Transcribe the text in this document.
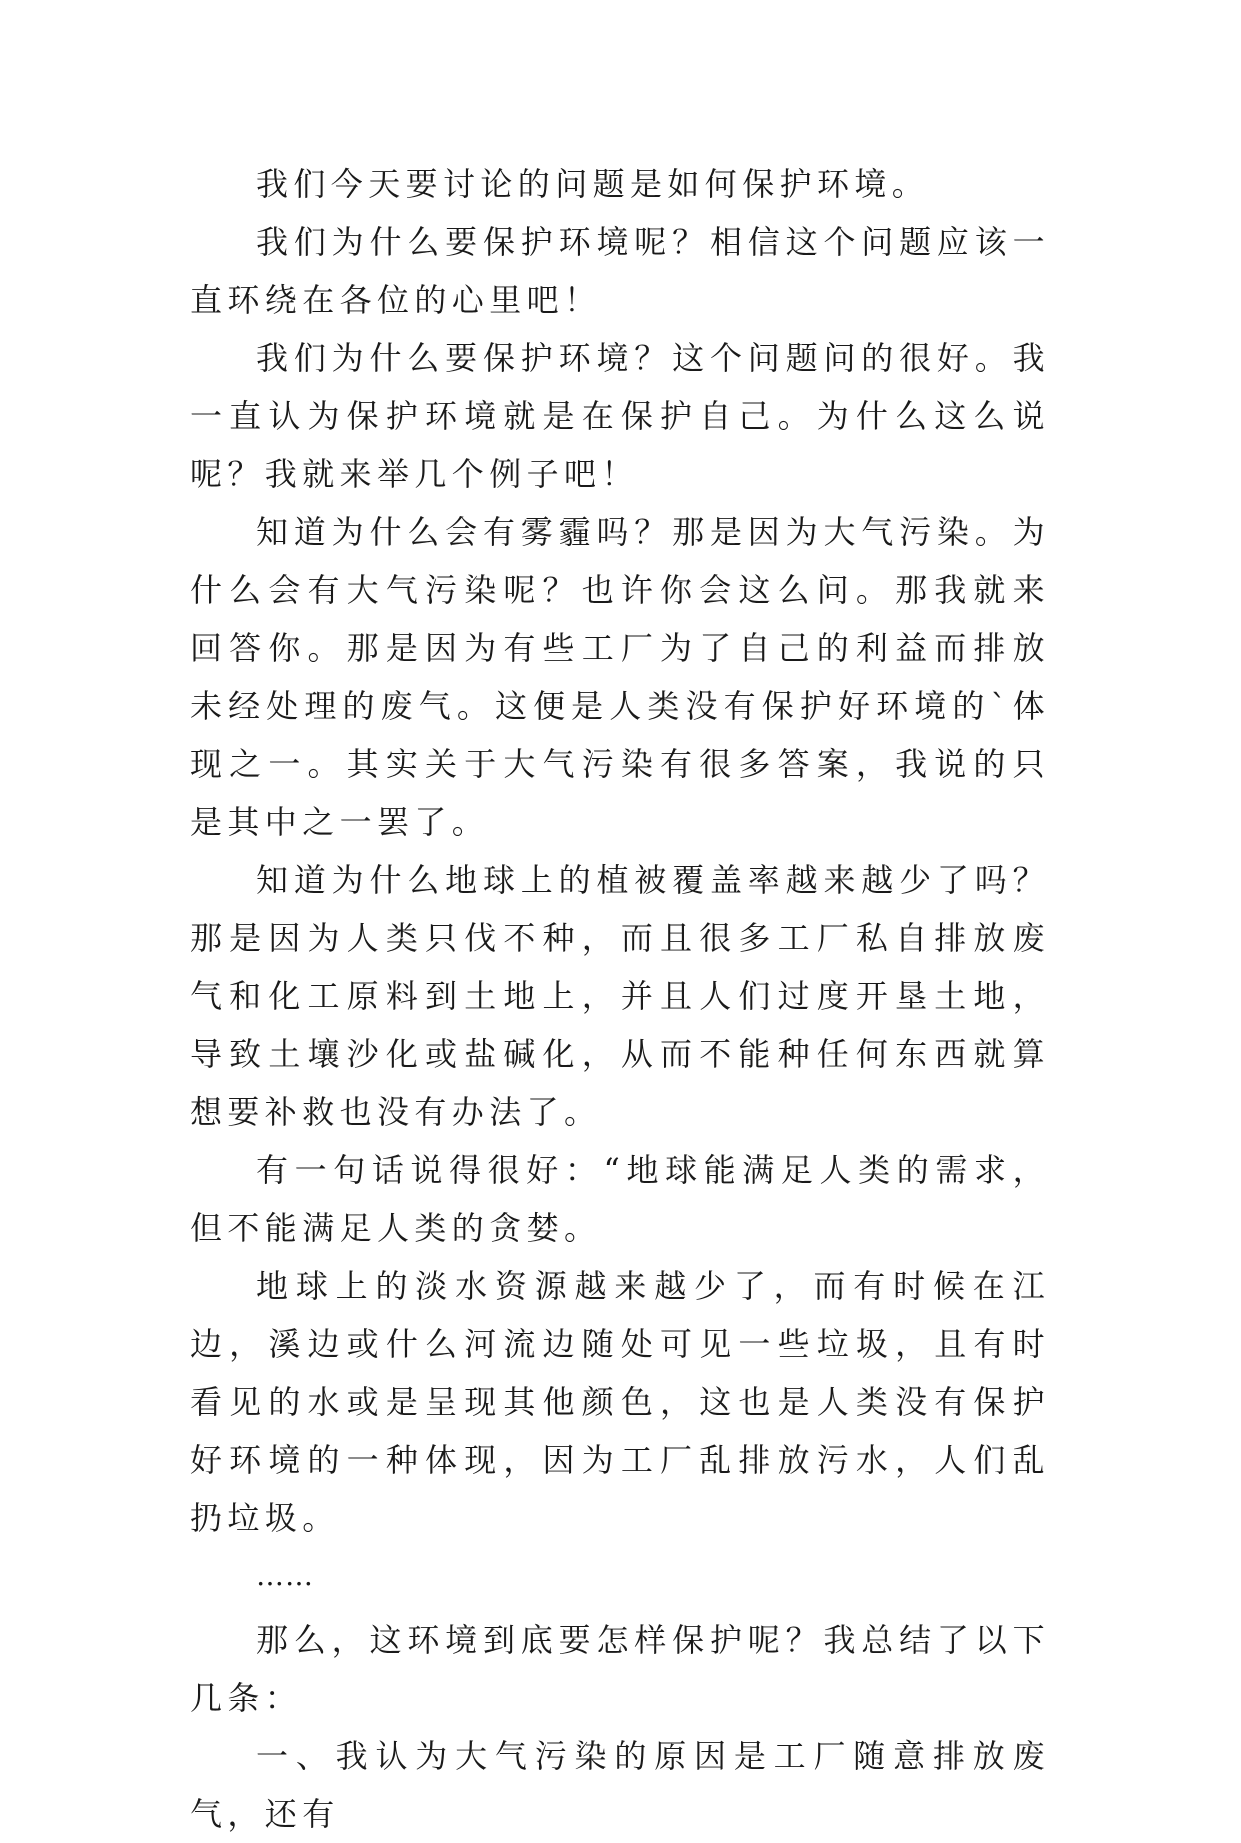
我们今天要讨论的问题是如何保护环境。

我们为什么要保护环境呢？相信这个问题应该一直环绕在各位的心里吧！

我们为什么要保护环境？这个问题问的很好。我一直认为保护环境就是在保护自己。为什么这么说呢？我就来举几个例子吧！

知道为什么会有雾霾吗？那是因为大气污染。为什么会有大气污染呢？也许你会这么问。那我就来回答你。那是因为有些工厂为了自己的利益而排放未经处理的废气。这便是人类没有保护好环境的`体现之一。其实关于大气污染有很多答案，我说的只是其中之一罢了。

知道为什么地球上的植被覆盖率越来越少了吗？那是因为人类只伐不种，而且很多工厂私自排放废气和化工原料到土地上，并且人们过度开垦土地，导致土壤沙化或盐碱化，从而不能种任何东西就算想要补救也没有办法了。

有一句话说得很好：“地球能满足人类的需求，但不能满足人类的贪婪。

地球上的淡水资源越来越少了，而有时候在江边，溪边或什么河流边随处可见一些垃圾，且有时看见的水或是呈现其他颜色，这也是人类没有保护好环境的一种体现，因为工厂乱排放污水，人们乱扔垃圾。

……

那么，这环境到底要怎样保护呢？我总结了以下几条：

一、我认为大气污染的原因是工厂随意排放废气，还有
